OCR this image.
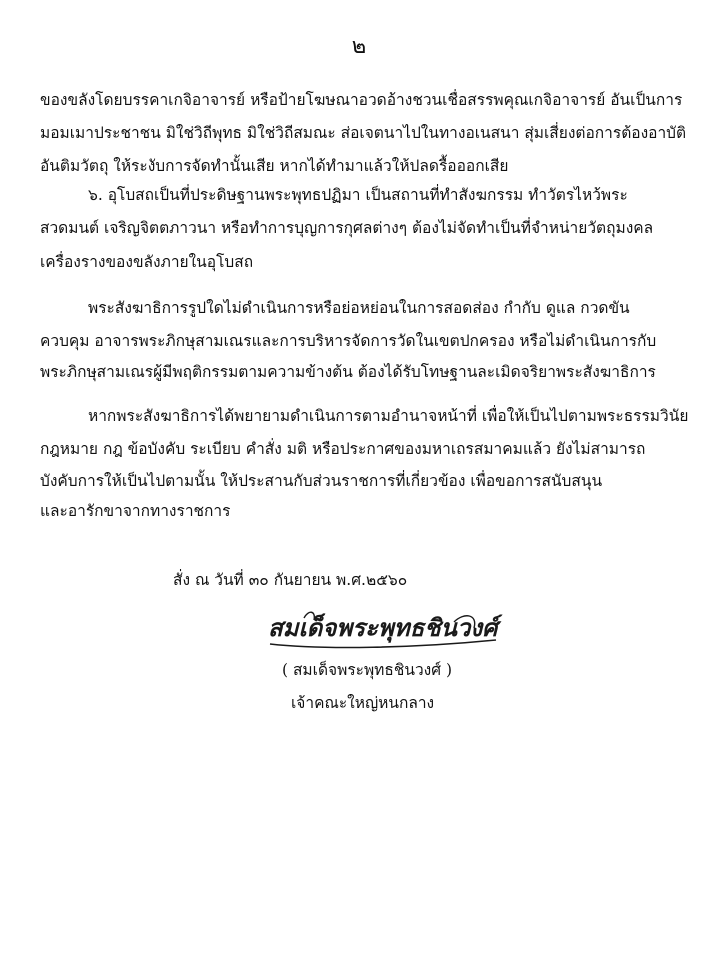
๒
ของขลังโดยบรรคาเกจิอาจารย์ หรือป้ายโฆษณาอวดอ้างชวนเชื่อสรรพคุณเกจิอาจารย์ อันเป็นการ
มอมเมาประชาชน มิใช่วิถีพุทธ มิใช่วิถีสมณะ ส่อเจตนาไปในทางอเนสนา สุ่มเสี่ยงต่อการต้องอาบัติ
อันติมวัตถุ ให้ระงับการจัดทำนั้นเสีย หากได้ทำมาแล้วให้ปลดรื้อออกเสีย
๖. อุโบสถเป็นที่ประดิษฐานพระพุทธปฏิมา เป็นสถานที่ทำสังฆกรรม ทำวัตรไหว้พระ
สวดมนต์ เจริญจิตตภาวนา หรือทำการบุญการกุศลต่างๆ ต้องไม่จัดทำเป็นที่จำหน่ายวัตถุมงคล
เครื่องรางของขลังภายในอุโบสถ
พระสังฆาธิการรูปใดไม่ดำเนินการหรือย่อหย่อนในการสอดส่อง กำกับ ดูแล กวดขัน
ควบคุม อาจารพระภิกษุสามเณรและการบริหารจัดการวัดในเขตปกครอง หรือไม่ดำเนินการกับ
พระภิกษุสามเณรผู้มีพฤติกรรมตามความข้างต้น ต้องได้รับโทษฐานละเมิดจริยาพระสังฆาธิการ
หากพระสังฆาธิการได้พยายามดำเนินการตามอำนาจหน้าที่ เพื่อให้เป็นไปตามพระธรรมวินัย
กฎหมาย กฎ ข้อบังคับ ระเบียบ คำสั่ง มติ หรือประกาศของมหาเถรสมาคมแล้ว ยังไม่สามารถ
บังคับการให้เป็นไปตามนั้น ให้ประสานกับส่วนราชการที่เกี่ยวข้อง เพื่อขอการสนับสนุน
และอารักขาจากทางราชการ
สั่ง ณ วันที่ ๓๐ กันยายน พ.ศ.๒๕๖๐
สมเด็จพระพุทธชินวงศ์
( สมเด็จพระพุทธชินวงศ์ )
เจ้าคณะใหญ่หนกลาง
